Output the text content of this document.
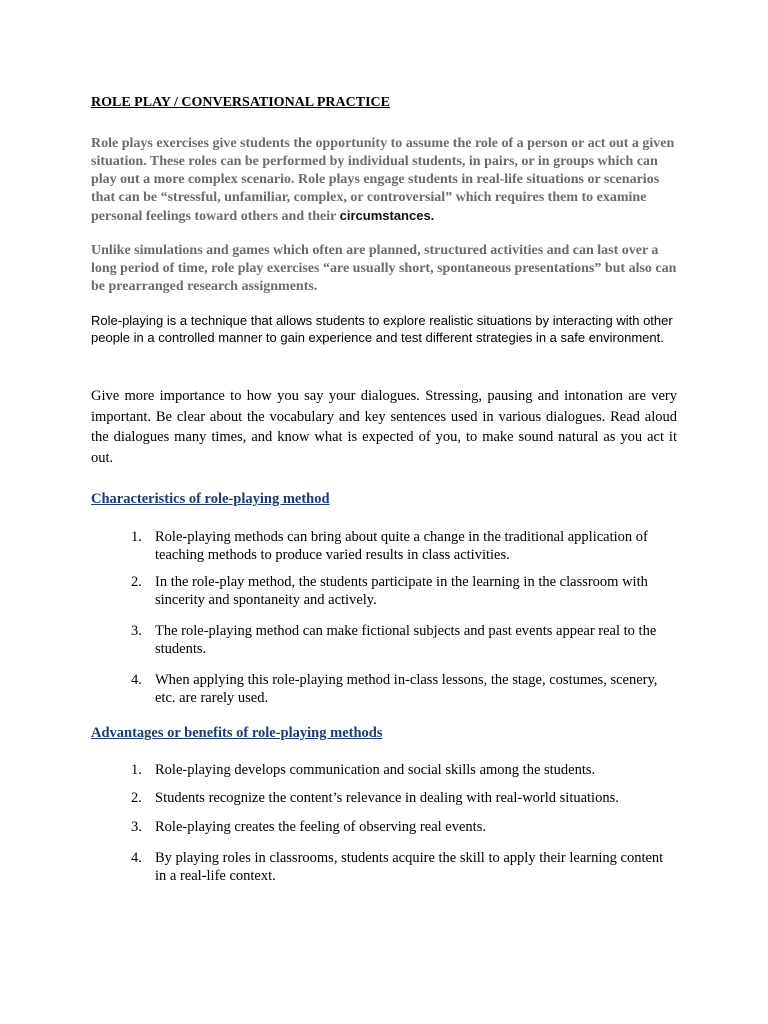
ROLE PLAY / CONVERSATIONAL PRACTICE
Role plays exercises give students the opportunity to assume the role of a person or act out a given situation. These roles can be performed by individual students, in pairs, or in groups which can play out a more complex scenario. Role plays engage students in real-life situations or scenarios that can be “stressful, unfamiliar, complex, or controversial” which requires them to examine personal feelings toward others and their circumstances.
Unlike simulations and games which often are planned, structured activities and can last over a long period of time, role play exercises “are usually short, spontaneous presentations” but also can be prearranged research assignments.
Role-playing is a technique that allows students to explore realistic situations by interacting with other people in a controlled manner to gain experience and test different strategies in a safe environment.
Give more importance to how you say your dialogues. Stressing, pausing and intonation are very important. Be clear about the vocabulary and key sentences used in various dialogues. Read aloud the dialogues many times, and know what is expected of you, to make sound natural as you act it out.
Characteristics of role-playing method
1. Role-playing methods can bring about quite a change in the traditional application of teaching methods to produce varied results in class activities.
2. In the role-play method, the students participate in the learning in the classroom with sincerity and spontaneity and actively.
3. The role-playing method can make fictional subjects and past events appear real to the students.
4. When applying this role-playing method in-class lessons, the stage, costumes, scenery, etc. are rarely used.
Advantages or benefits of role-playing methods
1. Role-playing develops communication and social skills among the students.
2. Students recognize the content’s relevance in dealing with real-world situations.
3. Role-playing creates the feeling of observing real events.
4. By playing roles in classrooms, students acquire the skill to apply their learning content in a real-life context.
